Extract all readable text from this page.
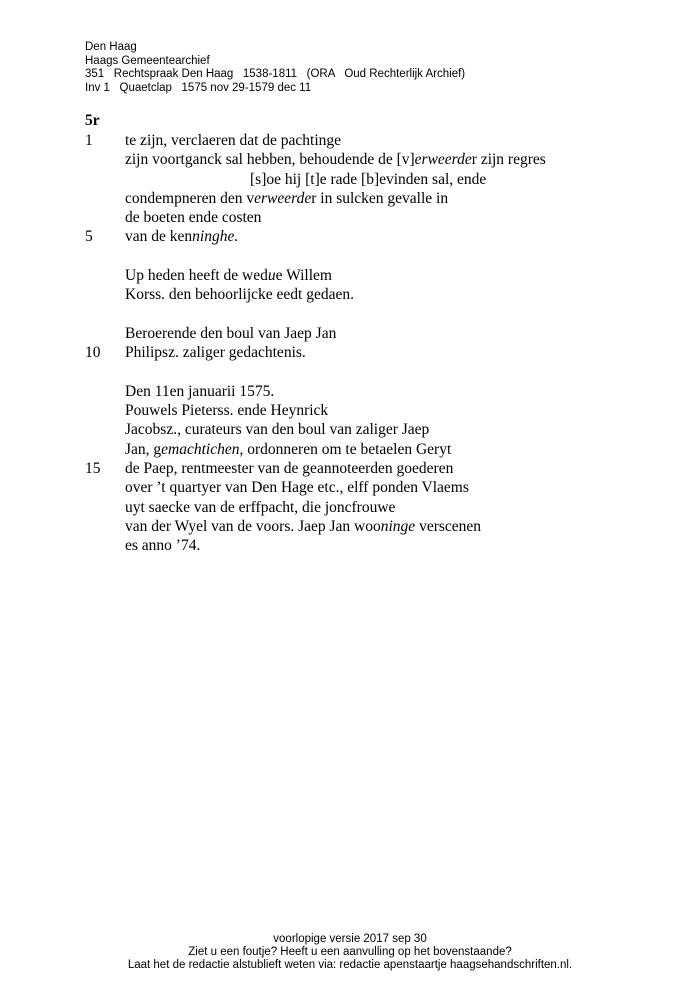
Den Haag
Haags Gemeentearchief
351   Rechtspraak Den Haag   1538-1811   (ORA   Oud Rechterlijk Archief)
Inv 1   Quaetclap   1575 nov 29-1579 dec 11
5r
1 te zijn, verclaeren dat de pachtinge
zijn voortganck sal hebben, behoudende de [v]erweerder zijn regres
[s]oe hij [t]e rade [b]evinden sal, ende
condempneren den verweerder in sulcken gevalle in
de boeten ende costen
5 van de kenninghe.
Up heden heeft de wedue Willem
Korss. den behoorlijcke eedt gedaen.
Beroerende den boul van Jaep Jan
10 Philipsz. zaliger gedachtenis.
Den 11en januarii 1575.
Pouwels Pieterss. ende Heynrick
Jacobsz., curateurs van den boul van zaliger Jaep
Jan, gemachtichen, ordonneren om te betaelen Geryt
15 de Paep, rentmeester van de geannoteerden goederen
over ’t quartyer van Den Hage etc., elff ponden Vlaems
uyt saecke van de erffpacht, die joncfrouwe
van der Wyel van de voors. Jaep Jan wooninge verscenen
es anno ’74.
voorlopige versie 2017 sep 30
Ziet u een foutje? Heeft u een aanvulling op het bovenstaande?
Laat het de redactie alstublieft weten via: redactie apenstaartje haagsehandschriften.nl.
